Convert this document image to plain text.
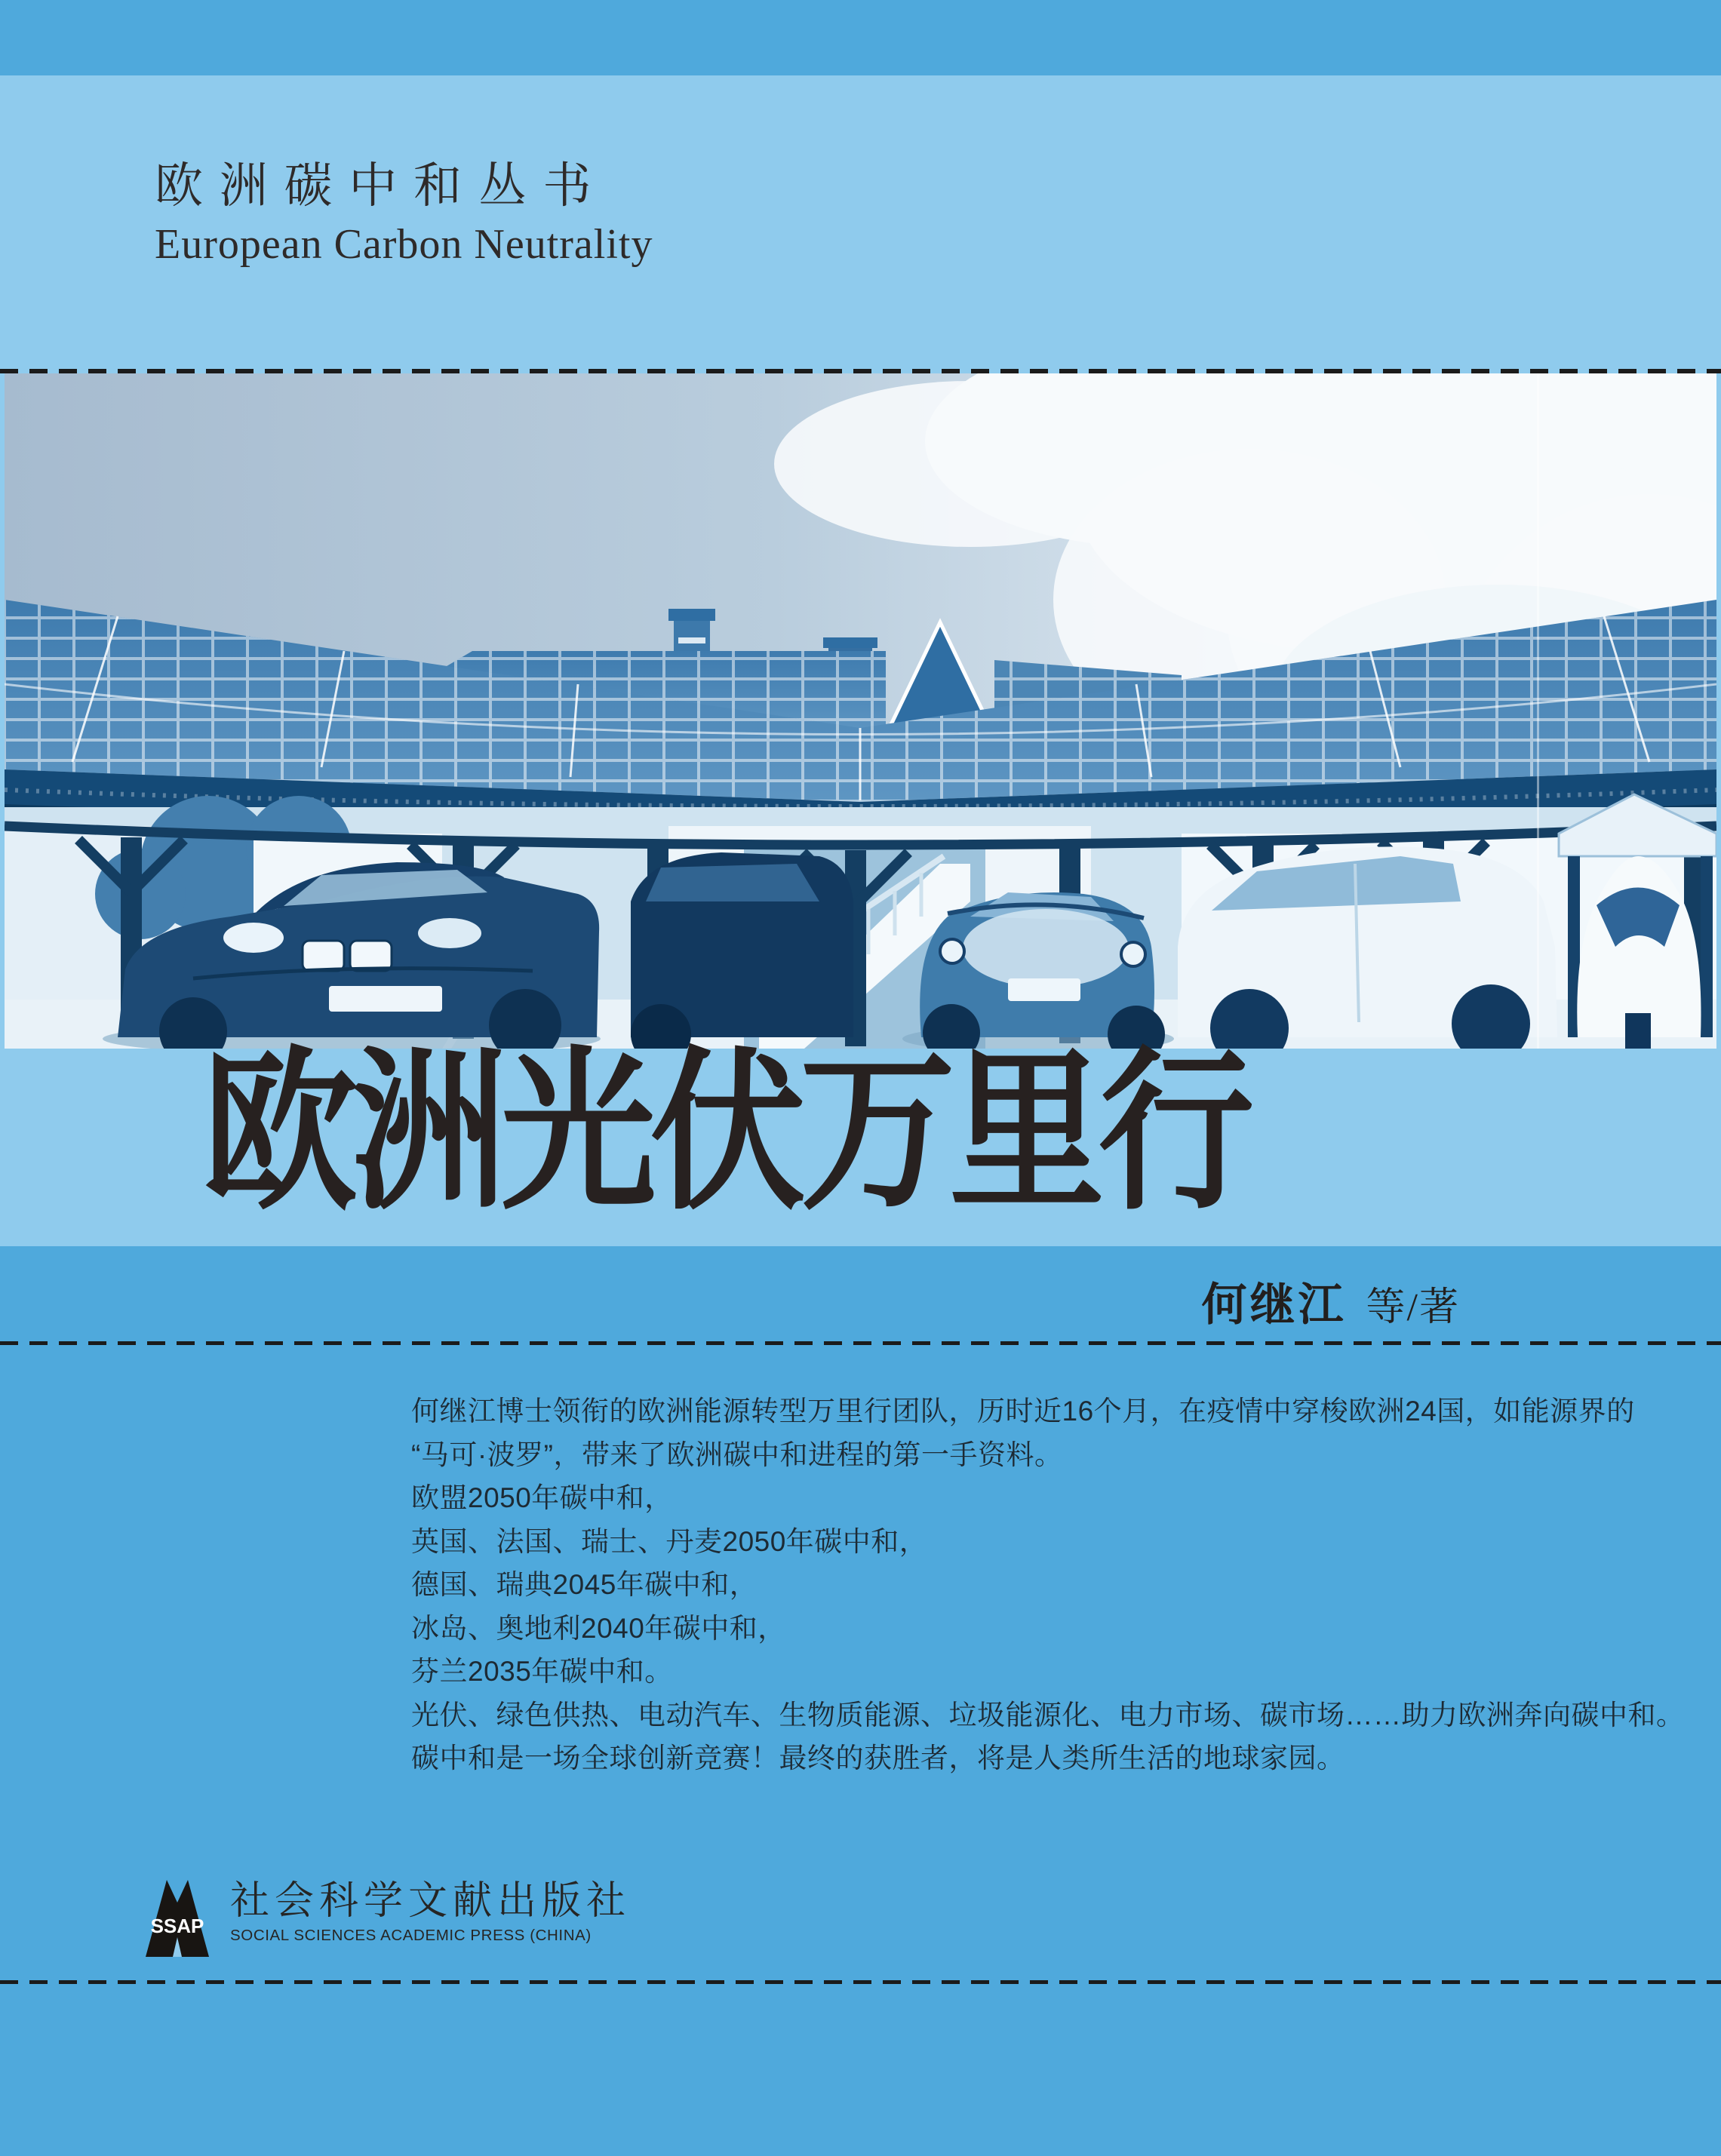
欧洲碳中和丛书
European Carbon Neutrality
欧洲光伏万里行
何继江 等/著
何继江博士领衔的欧洲能源转型万里行团队，历时近16个月，在疫情中穿梭欧洲24国，如能源界的
“马可·波罗”，带来了欧洲碳中和进程的第一手资料。
欧盟2050年碳中和，
英国、法国、瑞士、丹麦2050年碳中和，
德国、瑞典2045年碳中和，
冰岛、奥地利2040年碳中和，
芬兰2035年碳中和。
光伏、绿色供热、电动汽车、生物质能源、垃圾能源化、电力市场、碳市场……助力欧洲奔向碳中和。
碳中和是一场全球创新竞赛！最终的获胜者，将是人类所生活的地球家园。
SSAP
社会科学文献出版社
SOCIAL SCIENCES ACADEMIC PRESS (CHINA)
